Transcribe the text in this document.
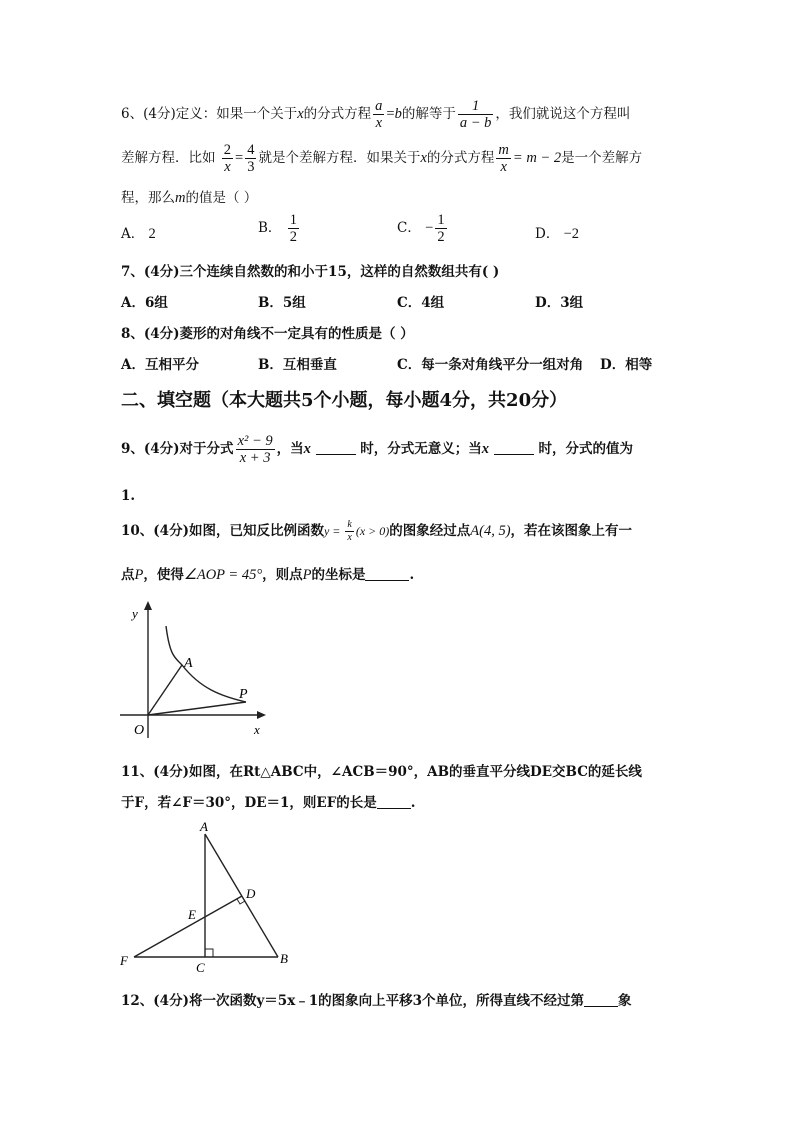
6、(4分)定义：如果一个关于x的分式方程 $\frac{a}{x} =b$的解等于 $\frac{1}{a - b}$ ，我们就说这个方程叫
差解方程．比如 $\frac{2}{x} = \frac{4}{3}$ 就是个差解方程．如果关于x的分式方程 $\frac{m}{x} = m - 2$是一个差解方
程，那么m的值是（ ）
A． 2	B． $\frac{1}{2}$	C． − $\frac{1}{2}$	D． −2
7、(4分)三个连续自然数的和小于15，这样的自然数组共有( )
A．6组	B．5组	C．4组	D．3组
8、(4分)菱形的对角线不一定具有的性质是（ ）
A．互相平分	B．互相垂直	C．每一条对角线平分一组对角 D．相等
二、填空题（本大题共5个小题，每小题4分，共20分）
9、(4分)对于分式 $\frac{\text{x² − 9}}{x + 3}$ ，当x	时，分式无意义；当x	时，分式的值为
1.
10、(4分)如图，已知反比例函数$y = \frac{k}{x} (x > 0)$的图象经过点A(4, 5)，若在该图象上有一
点P，使得∠AOP = 45°，则点P的坐标是	.
y
x
O
A
P
11、(4分)如图，在Rt△ABC中，∠ACB＝90°，AB的垂直平分线DE交BC的延长线
于F，若∠F＝30°，DE＝1，则EF的长是	.
A
D
E
F	C
B
12、(4分)将一次函数y＝5x﹣1的图象向上平移3个单位，所得直线不经过第	象
